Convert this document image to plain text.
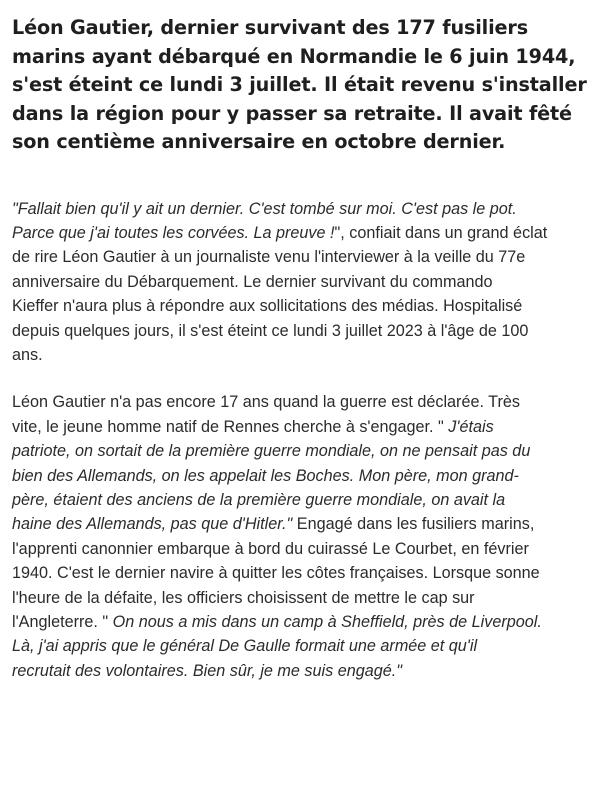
Léon Gautier, dernier survivant des 177 fusiliers
marins ayant débarqué en Normandie le 6 juin 1944,
s'est éteint ce lundi 3 juillet. Il était revenu s'installer
dans la région pour y passer sa retraite. Il avait fêté
son centième anniversaire en octobre dernier.

"Fallait bien qu'il y ait un dernier. C'est tombé sur moi. C'est pas le pot.
Parce que j'ai toutes les corvées. La preuve !", confiait dans un grand éclat
de rire Léon Gautier à un journaliste venu l'interviewer à la veille du 77e
anniversaire du Débarquement. Le dernier survivant du commando
Kieffer n'aura plus à répondre aux sollicitations des médias. Hospitalisé
depuis quelques jours, il s'est éteint ce lundi 3 juillet 2023 à l'âge de 100
ans.

Léon Gautier n'a pas encore 17 ans quand la guerre est déclarée. Très
vite, le jeune homme natif de Rennes cherche à s'engager. " J'étais
patriote, on sortait de la première guerre mondiale, on ne pensait pas du
bien des Allemands, on les appelait les Boches. Mon père, mon grand-
père, étaient des anciens de la première guerre mondiale, on avait la
haine des Allemands, pas que d'Hitler." Engagé dans les fusiliers marins,
l'apprenti canonnier embarque à bord du cuirassé Le Courbet, en février
1940. C'est le dernier navire à quitter les côtes françaises. Lorsque sonne
l'heure de la défaite, les officiers choisissent de mettre le cap sur
l'Angleterre. " On nous a mis dans un camp à Sheffield, près de Liverpool.
Là, j'ai appris que le général De Gaulle formait une armée et qu'il
recrutait des volontaires. Bien sûr, je me suis engagé."
